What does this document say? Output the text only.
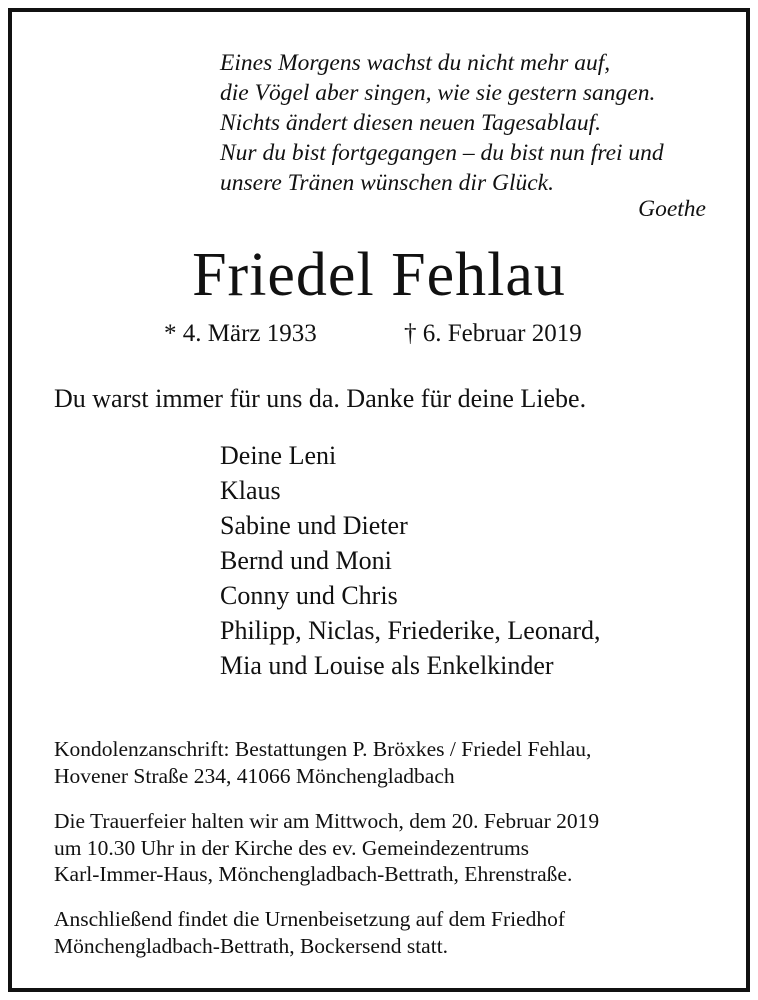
Eines Morgens wachst du nicht mehr auf,
die Vögel aber singen, wie sie gestern sangen.
Nichts ändert diesen neuen Tagesablauf.
Nur du bist fortgegangen – du bist nun frei und
unsere Tränen wünschen dir Glück.
Goethe
Friedel Fehlau
* 4. März 1933	† 6. Februar 2019
Du warst immer für uns da. Danke für deine Liebe.
Deine Leni
Klaus
Sabine und Dieter
Bernd und Moni
Conny und Chris
Philipp, Niclas, Friederike, Leonard,
Mia und Louise als Enkelkinder
Kondolenzanschrift: Bestattungen P. Bröxkes / Friedel Fehlau,
Hovener Straße 234, 41066 Mönchengladbach
Die Trauerfeier halten wir am Mittwoch, dem 20. Februar 2019
um 10.30 Uhr in der Kirche des ev. Gemeindezentrums
Karl-Immer-Haus, Mönchengladbach-Bettrath, Ehrenstraße.
Anschließend findet die Urnenbeisetzung auf dem Friedhof
Mönchengladbach-Bettrath, Bockersend statt.
